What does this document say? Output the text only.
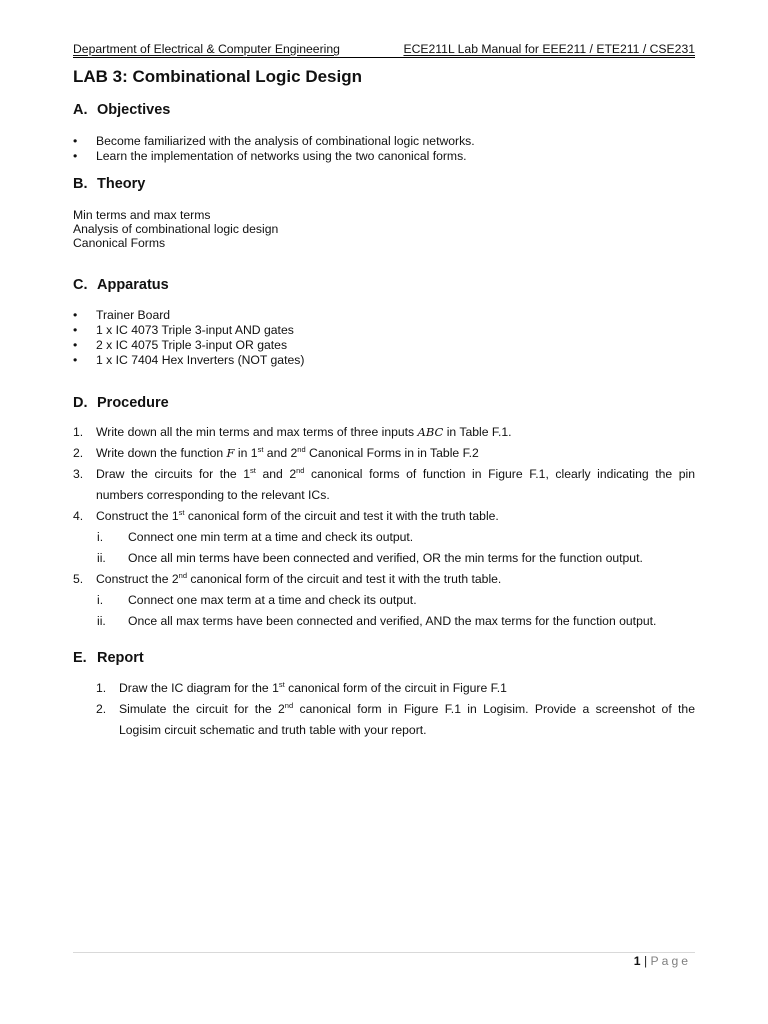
Department of Electrical & Computer Engineering	ECE211L Lab Manual for EEE211 / ETE211 / CSE231
LAB 3: Combinational Logic Design
A. Objectives
• Become familiarized with the analysis of combinational logic networks.
• Learn the implementation of networks using the two canonical forms.
B. Theory
Min terms and max terms
Analysis of combinational logic design
Canonical Forms
C. Apparatus
• Trainer Board
• 1 x IC 4073 Triple 3-input AND gates
• 2 x IC 4075 Triple 3-input OR gates
• 1 x IC 7404 Hex Inverters (NOT gates)
D. Procedure
1. Write down all the min terms and max terms of three inputs ABC in Table F.1.
2. Write down the function F in 1st and 2nd Canonical Forms in in Table F.2
3. Draw the circuits for the 1st and 2nd canonical forms of function in Figure F.1, clearly indicating the pin
numbers corresponding to the relevant ICs.
4. Construct the 1st canonical form of the circuit and test it with the truth table.
i. Connect one min term at a time and check its output.
ii. Once all min terms have been connected and verified, OR the min terms for the function output.
5. Construct the 2nd canonical form of the circuit and test it with the truth table.
i. Connect one max term at a time and check its output.
ii. Once all max terms have been connected and verified, AND the max terms for the function output.
E. Report
1. Draw the IC diagram for the 1st canonical form of the circuit in Figure F.1
2. Simulate the circuit for the 2nd canonical form in Figure F.1 in Logisim. Provide a screenshot of the
Logisim circuit schematic and truth table with your report.
1 | Page
